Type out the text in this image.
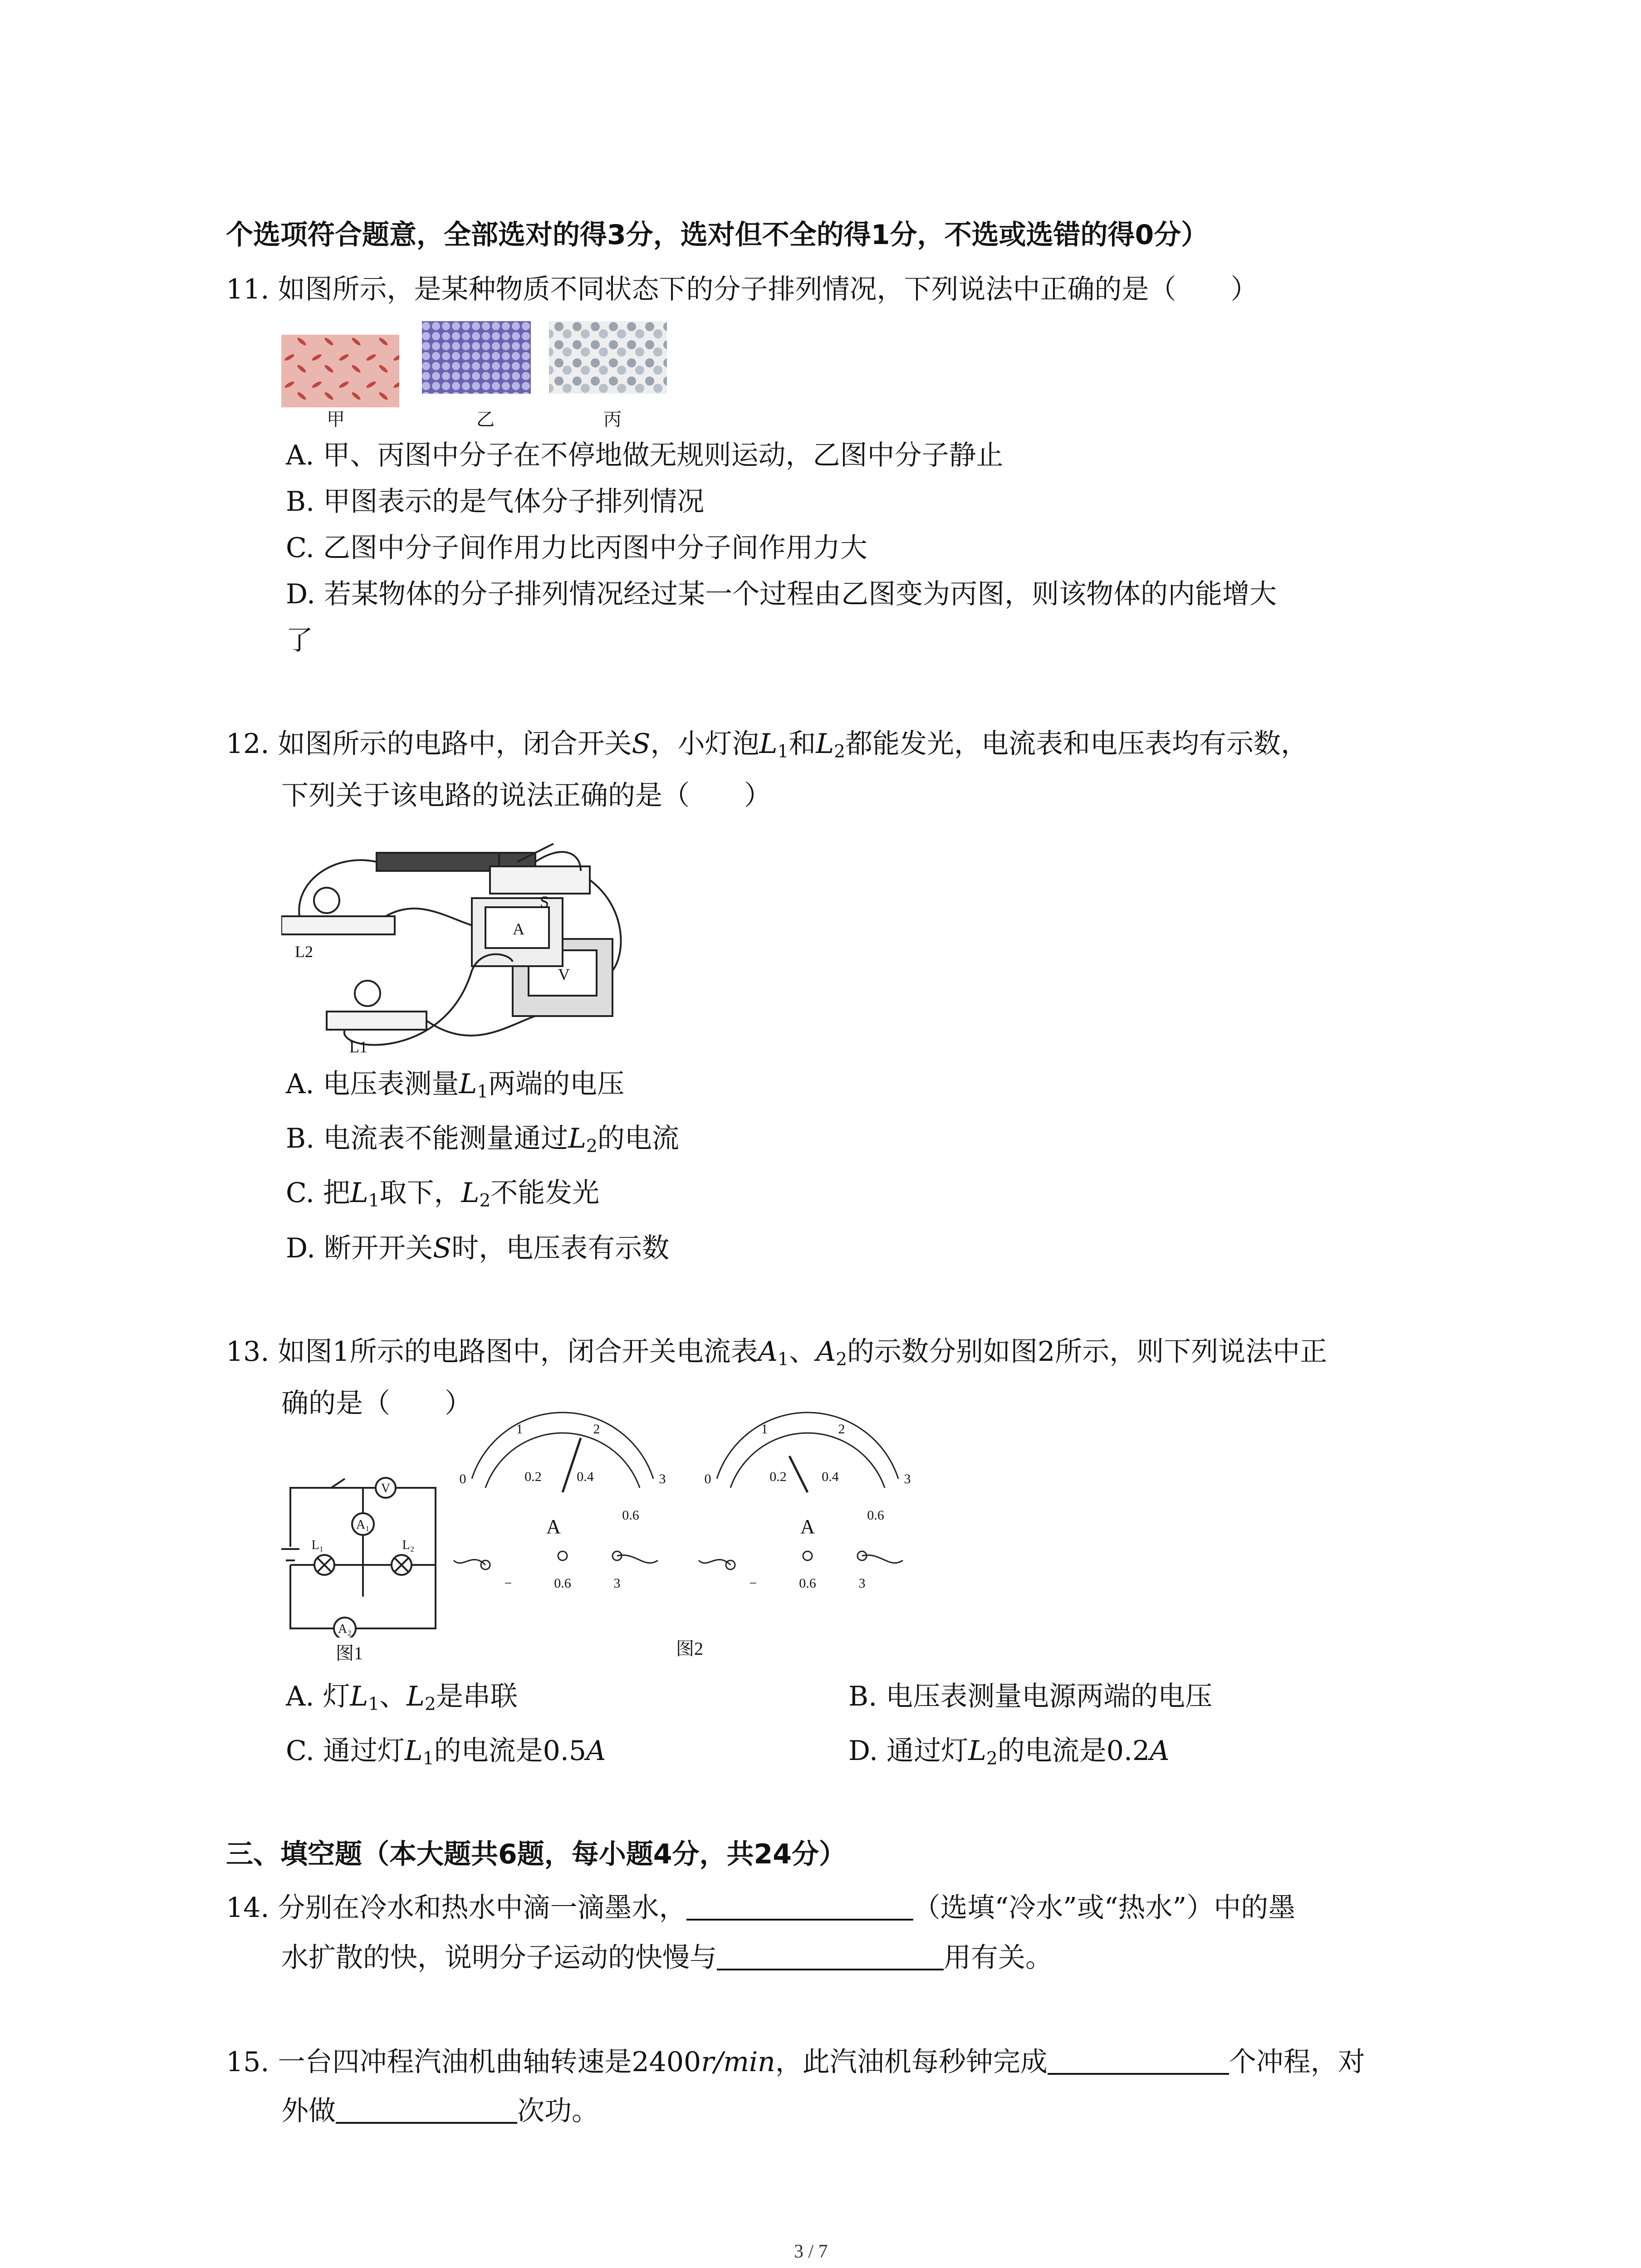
个选项符合题意，全部选对的得3分，选对但不全的得1分，不选或选错的得0分）
11. 如图所示，是某种物质不同状态下的分子排列情况，下列说法中正确的是（　　）
甲	乙	丙
A. 甲、丙图中分子在不停地做无规则运动，乙图中分子静止
B. 甲图表示的是气体分子排列情况
C. 乙图中分子间作用力比丙图中分子间作用力大
D. 若某物体的分子排列情况经过某一个过程由乙图变为丙图，则该物体的内能增大
了
12. 如图所示的电路中，闭合开关S，小灯泡$L_1$和$L_2$都能发光，电流表和电压表均有示数，
下列关于该电路的说法正确的是（　　）
S
L2
L1
A
V
A. 电压表测量$L_1$两端的电压
B. 电流表不能测量通过$L_2$的电流
C. 把$L_1$取下，$L_2$不能发光
D. 断开开关S时，电压表有示数
13. 如图1所示的电路图中，闭合开关电流表$A_1$、$A_2$的示数分别如图2所示，则下列说法中正
确的是（　　）
V
A₁
A₂
L₁	L₂
图1
0
1	2
3
0.2	0.4
0.6
A
−	0.6	3
0
1	2
3
0.2	0.4
0.6
A
−	0.6	3
图2
A. 灯$L_1$、$L_2$是串联	B. 电压表测量电源两端的电压
C. 通过灯$L_1$的电流是0.5A	D. 通过灯$L_2$的电流是0.2A
三、填空题（本大题共6题，每小题4分，共24分）
14. 分别在冷水和热水中滴一滴墨水，	（选填“冷水”或“热水”）中的墨
水扩散的快，说明分子运动的快慢与	用有关。
15. 一台四冲程汽油机曲轴转速是2400r/min，此汽油机每秒钟完成	个冲程，对
外做	次功。
3 / 7
